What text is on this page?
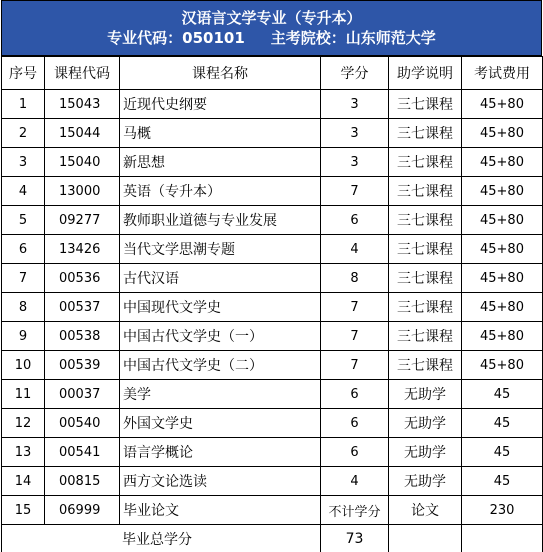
汉语言文学专业（专升本）
专业代码：050101 主考院校：山东师范大学
序号	课程代码	课程名称	学分	助学说明	考试费用
1	15043	近现代史纲要	3	三七课程	45+80
2	15044	马概	3	三七课程	45+80
3	15040	新思想	3	三七课程	45+80
4	13000	英语（专升本）	7	三七课程	45+80
5	09277	教师职业道德与专业发展	6	三七课程	45+80
6	13426	当代文学思潮专题	4	三七课程	45+80
7	00536	古代汉语	8	三七课程	45+80
8	00537	中国现代文学史	7	三七课程	45+80
9	00538	中国古代文学史（一）	7	三七课程	45+80
10	00539	中国古代文学史（二）	7	三七课程	45+80
11	00037	美学	6	无助学	45
12	00540	外国文学史	6	无助学	45
13	00541	语言学概论	6	无助学	45
14	00815	西方文论选读	4	无助学	45
15	06999	毕业论文	不计学分	论文	230
毕业总学分			73		
